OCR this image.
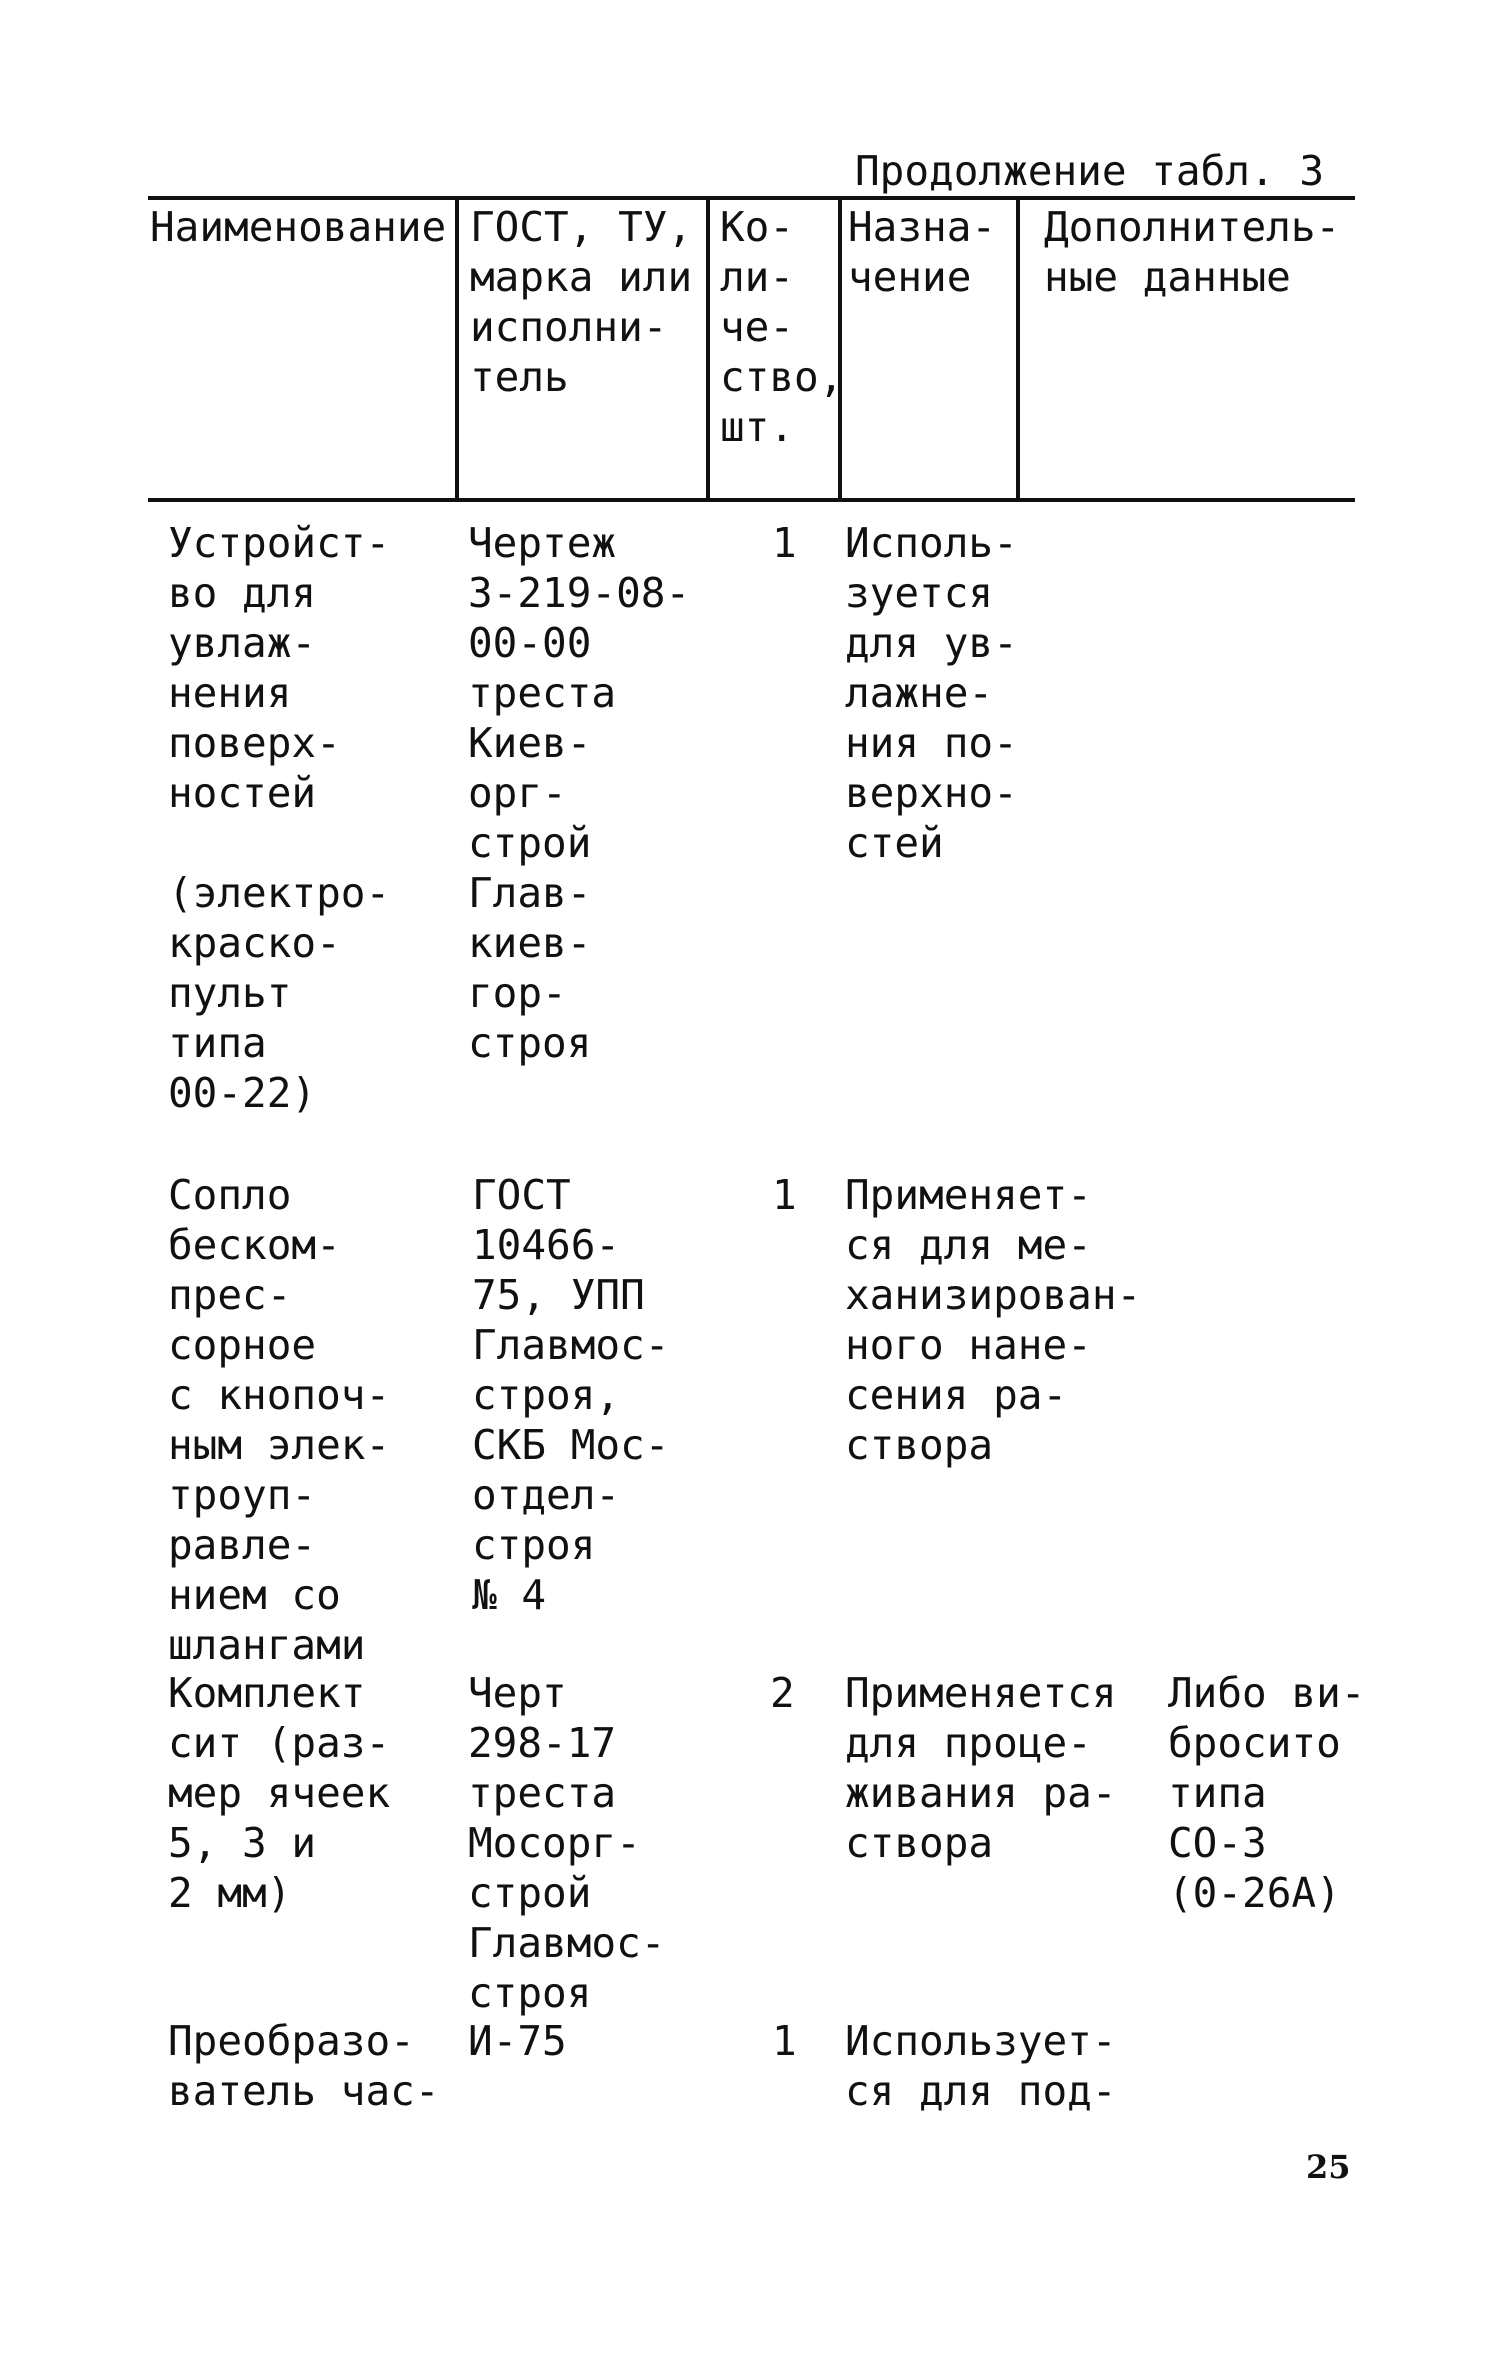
Продолжение табл. 3
Наименование ГОСТ, ТУ,
марка или
исполни-
тель
Ко-
ли-
че-
ство,
шт.
Назна-
чение
Дополнитель-
ные данные
Устройст-
во для
увлаж-
нения
поверх-
ностей

(электро-
краско-
пульт
типа
00-22)
Чертеж
3-219-08-
00-00
треста
Киев-
орг-
строй
Глав-
киев-
гор-
строя
1 Исполь-
зуется
для ув-
лажне-
ния по-
верхно-
стей
Сопло
беском-
прес-
сорное
с кнопоч-
ным элек-
троуп-
равле-
нием со
шлангами
ГОСТ
10466-
75, УПП
Главмос-
строя,
СКБ Мос-
отдел-
строя
№ 4
1 Применяет-
ся для ме-
ханизирован-
ного нане-
сения ра-
створа
Комплект
сит (раз-
мер ячеек
5, 3 и
2 мм)
Черт
298-17
треста
Мосорг-
строй
Главмос-
строя
2 Применяется
для проце-
живания ра-
створа
Либо ви-
бросито
типа
СО-3
(0-26А)
Преобразо-
ватель час-
И-75	1 Использует-
ся для под-
25
